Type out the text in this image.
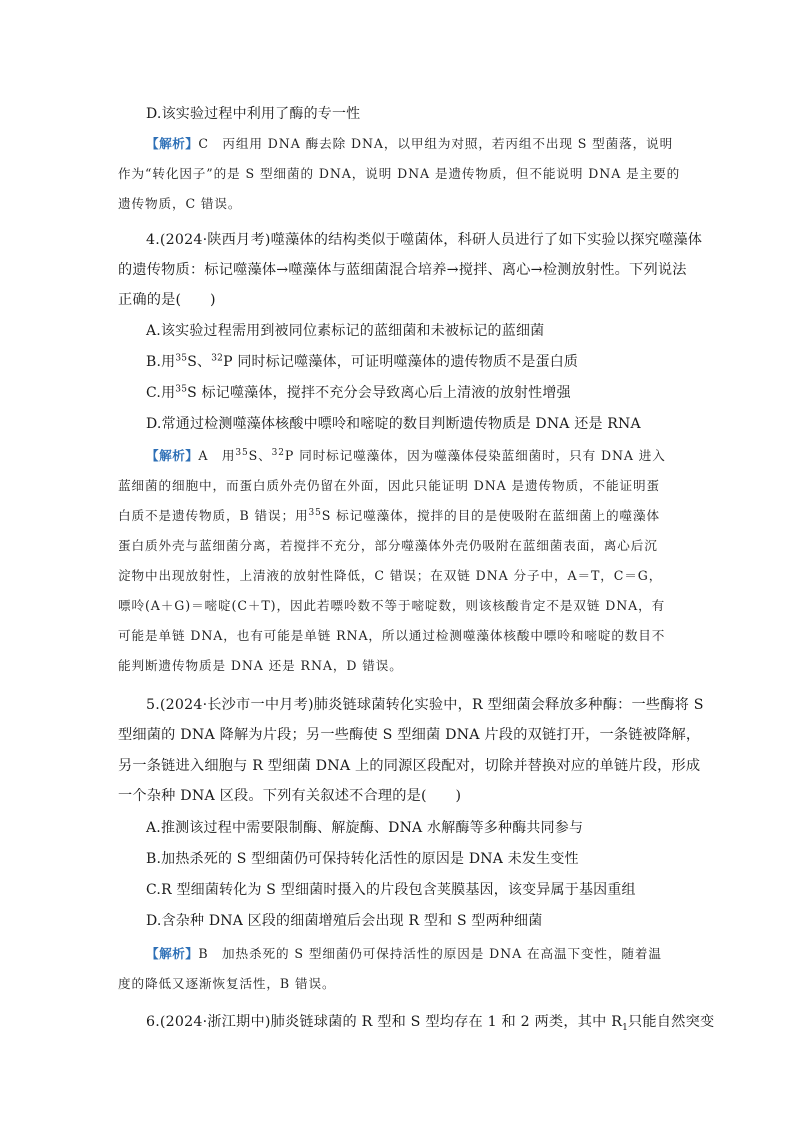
D.该实验过程中利用了酶的专一性
【解析】C　丙组用 DNA 酶去除 DNA，以甲组为对照，若丙组不出现 S 型菌落，说明
作为“转化因子”的是 S 型细菌的 DNA，说明 DNA 是遗传物质，但不能说明 DNA 是主要的
遗传物质，C 错误。
4.(2024·陕西月考)噬藻体的结构类似于噬菌体，科研人员进行了如下实验以探究噬藻体
的遗传物质：标记噬藻体→噬藻体与蓝细菌混合培养→搅拌、离心→检测放射性。下列说法
正确的是(　　)
A.该实验过程需用到被同位素标记的蓝细菌和未被标记的蓝细菌
B.用$^{35}$S、$^{32}$P 同时标记噬藻体，可证明噬藻体的遗传物质不是蛋白质
C.用$^{35}$S 标记噬藻体，搅拌不充分会导致离心后上清液的放射性增强
D.常通过检测噬藻体核酸中嘌呤和嘧啶的数目判断遗传物质是 DNA 还是 RNA
【解析】A　用$^{35}$S、$^{32}$P 同时标记噬藻体，因为噬藻体侵染蓝细菌时，只有 DNA 进入
蓝细菌的细胞中，而蛋白质外壳仍留在外面，因此只能证明 DNA 是遗传物质，不能证明蛋
白质不是遗传物质，B 错误；用$^{35}$S 标记噬藻体，搅拌的目的是使吸附在蓝细菌上的噬藻体
蛋白质外壳与蓝细菌分离，若搅拌不充分，部分噬藻体外壳仍吸附在蓝细菌表面，离心后沉
淀物中出现放射性，上清液的放射性降低，C 错误；在双链 DNA 分子中，A＝T，C＝G，
嘌呤(A＋G)＝嘧啶(C＋T)，因此若嘌呤数不等于嘧啶数，则该核酸肯定不是双链 DNA，有
可能是单链 DNA，也有可能是单链 RNA，所以通过检测噬藻体核酸中嘌呤和嘧啶的数目不
能判断遗传物质是 DNA 还是 RNA，D 错误。
5.(2024·长沙市一中月考)肺炎链球菌转化实验中，R 型细菌会释放多种酶：一些酶将 S
型细菌的 DNA 降解为片段；另一些酶使 S 型细菌 DNA 片段的双链打开，一条链被降解，
另一条链进入细胞与 R 型细菌 DNA 上的同源区段配对，切除并替换对应的单链片段，形成
一个杂种 DNA 区段。下列有关叙述不合理的是(　　)
A.推测该过程中需要限制酶、解旋酶、DNA 水解酶等多种酶共同参与
B.加热杀死的 S 型细菌仍可保持转化活性的原因是 DNA 未发生变性
C.R 型细菌转化为 S 型细菌时摄入的片段包含荚膜基因，该变异属于基因重组
D.含杂种 DNA 区段的细菌增殖后会出现 R 型和 S 型两种细菌
【解析】B　加热杀死的 S 型细菌仍可保持活性的原因是 DNA 在高温下变性，随着温
度的降低又逐渐恢复活性，B 错误。
6.(2024·浙江期中)肺炎链球菌的 R 型和 S 型均存在 1 和 2 两类，其中 $R_1$只能自然突变
